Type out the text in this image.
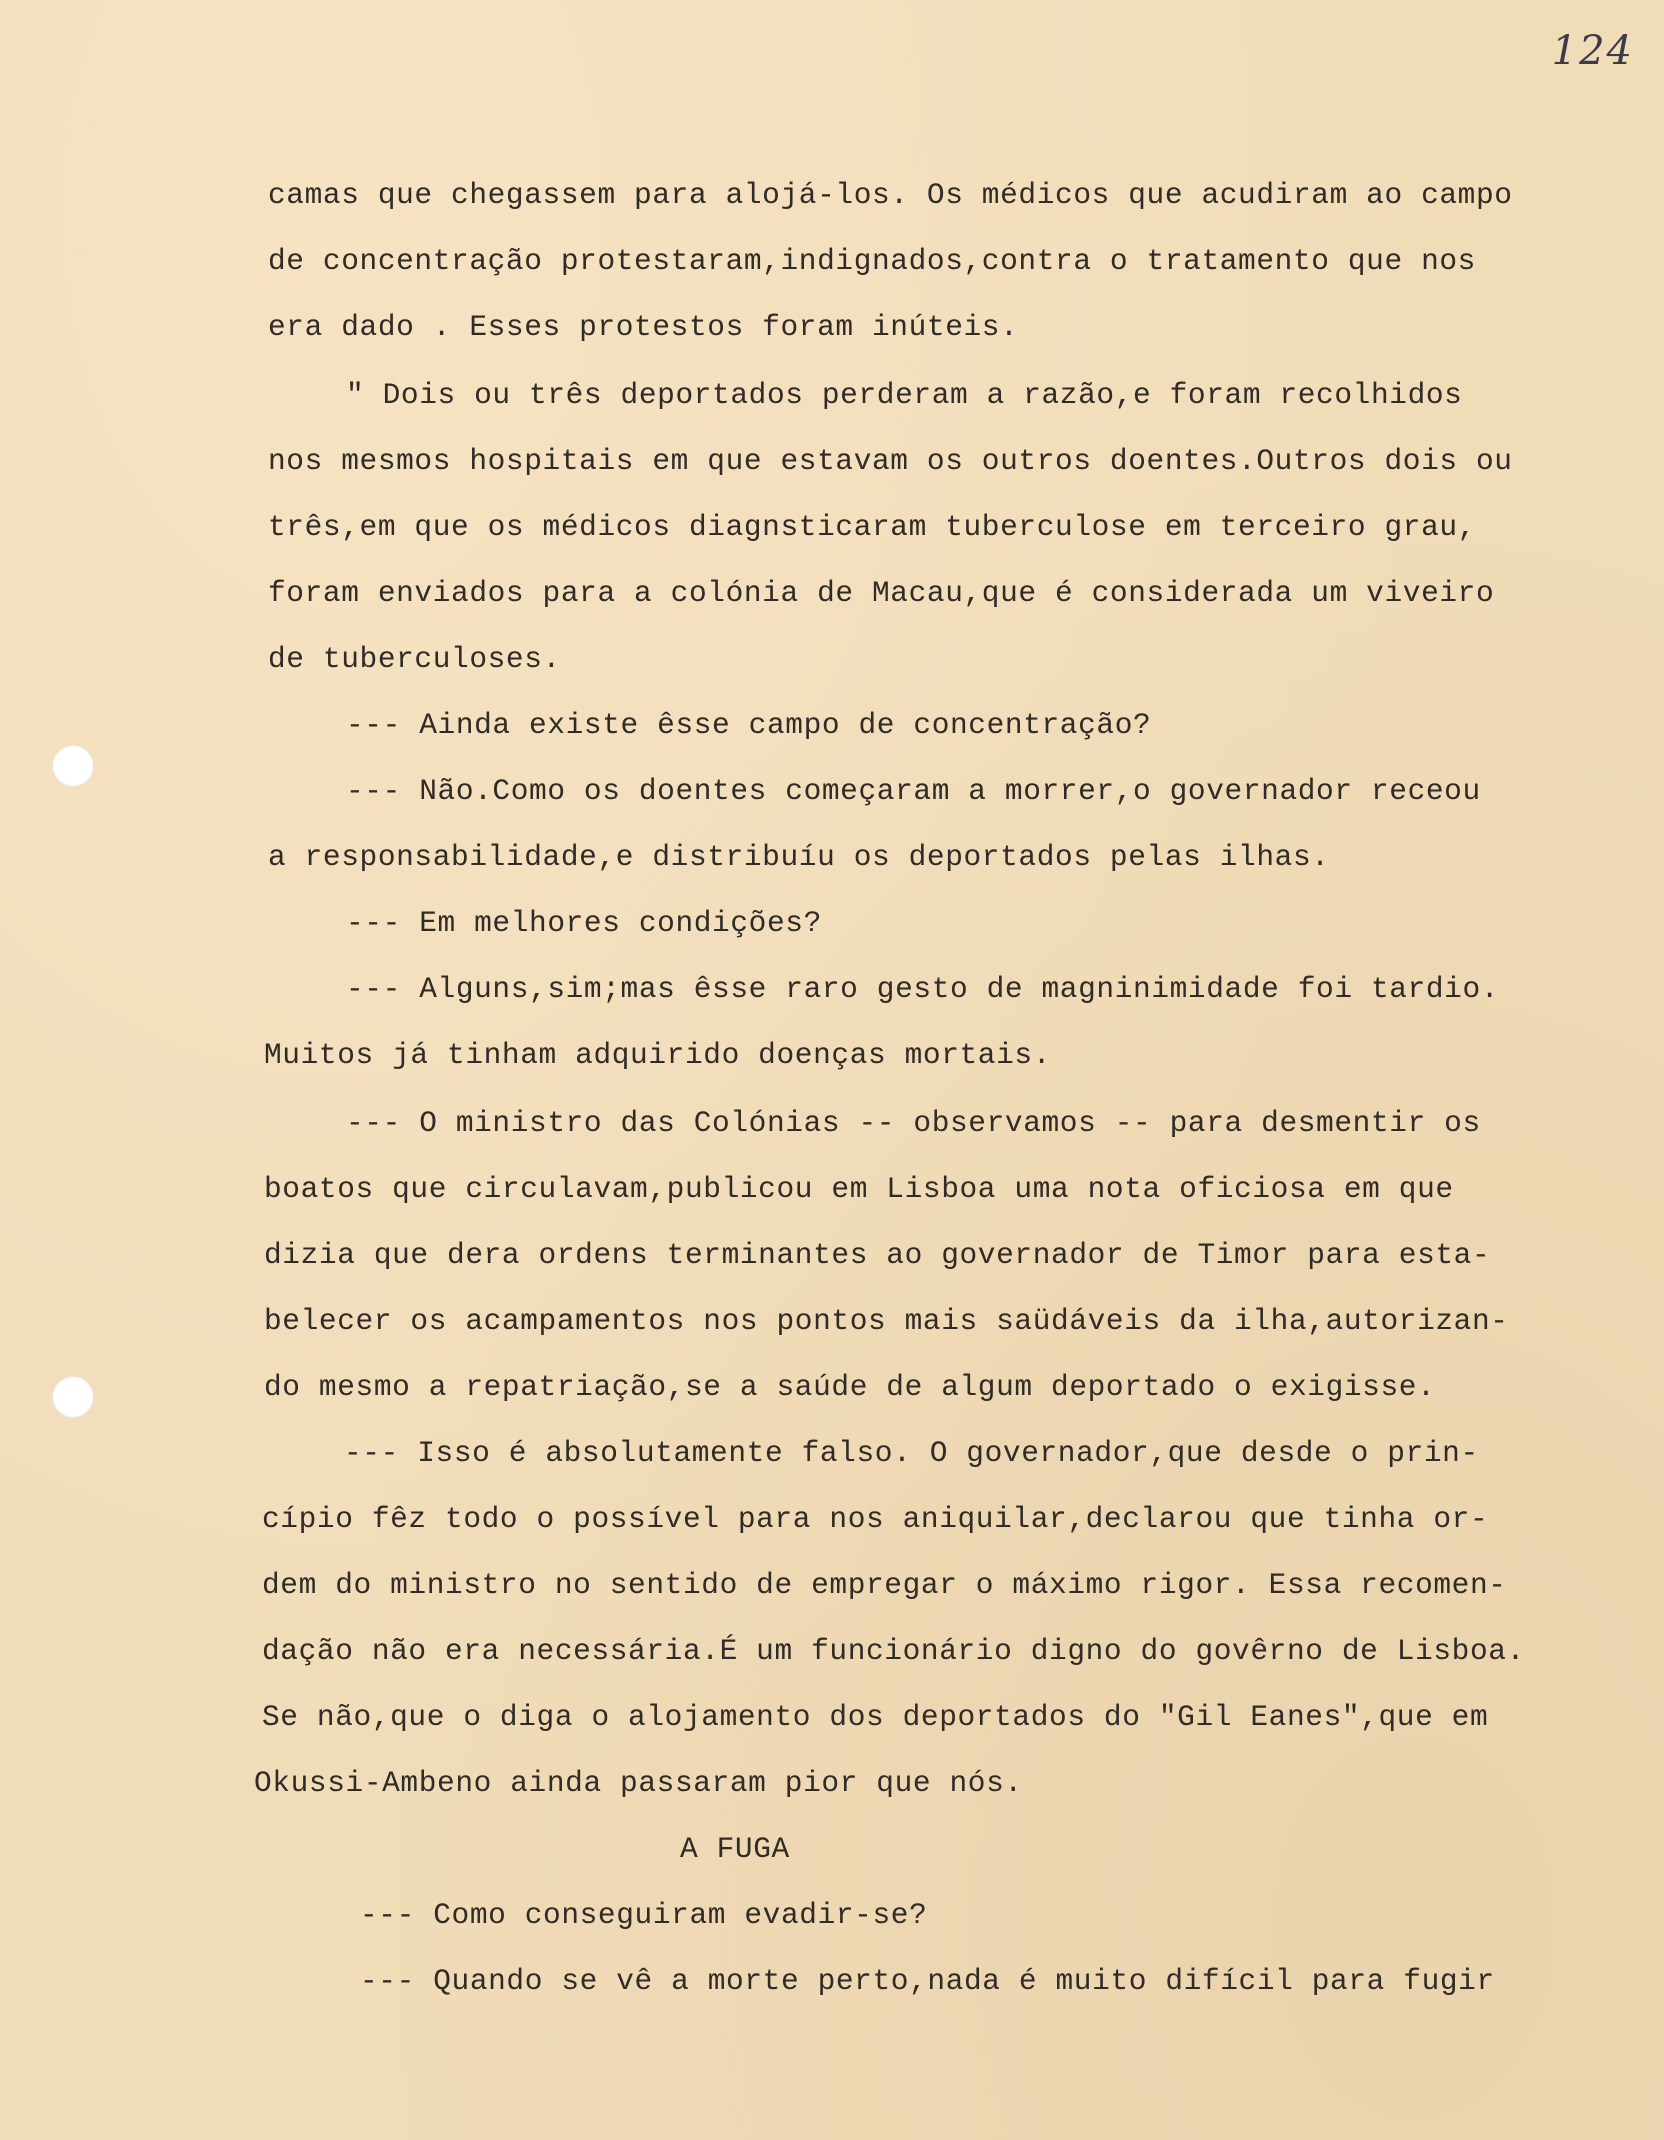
124
camas que chegassem para alojá-los. Os médicos que acudiram ao campo
de concentração protestaram,indignados,contra o tratamento que nos
era dado . Esses protestos foram inúteis.
" Dois ou três deportados perderam a razão,e foram recolhidos
nos mesmos hospitais em que estavam os outros doentes.Outros dois ou
três,em que os médicos diagnsticaram tuberculose em terceiro grau,
foram enviados para a colónia de Macau,que é considerada um viveiro
de tuberculoses.
--- Ainda existe êsse campo de concentração?
--- Não.Como os doentes começaram a morrer,o governador receou
a responsabilidade,e distribuíu os deportados pelas ilhas.
--- Em melhores condições?
--- Alguns,sim;mas êsse raro gesto de magninimidade foi tardio.
Muitos já tinham adquirido doenças mortais.
--- O ministro das Colónias -- observamos -- para desmentir os
boatos que circulavam,publicou em Lisboa uma nota oficiosa em que
dizia que dera ordens terminantes ao governador de Timor para esta-
belecer os acampamentos nos pontos mais saüdáveis da ilha,autorizan-
do mesmo a repatriação,se a saúde de algum deportado o exigisse.
--- Isso é absolutamente falso. O governador,que desde o prin-
cípio fêz todo o possível para nos aniquilar,declarou que tinha or-
dem do ministro no sentido de empregar o máximo rigor. Essa recomen-
dação não era necessária.É um funcionário digno do govêrno de Lisboa.
Se não,que o diga o alojamento dos deportados do "Gil Eanes",que em
Okussi-Ambeno ainda passaram pior que nós.
A FUGA
--- Como conseguiram evadir-se?
--- Quando se vê a morte perto,nada é muito difícil para fugir
